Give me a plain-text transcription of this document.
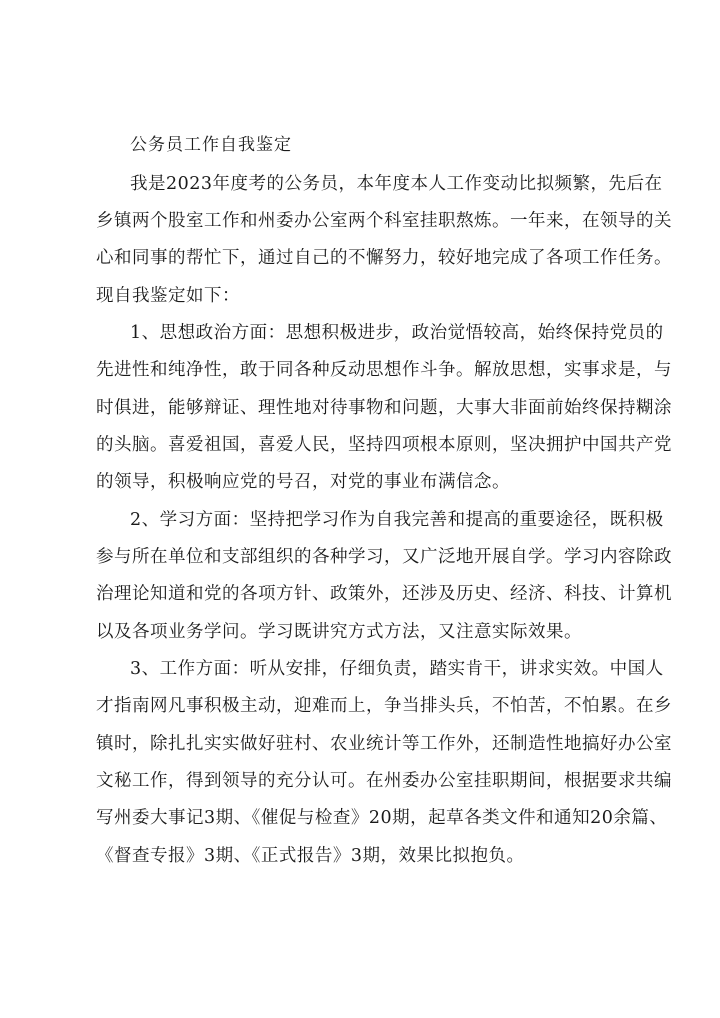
公务员工作自我鉴定
我是2023年度考的公务员，本年度本人工作变动比拟频繁，先后在
乡镇两个股室工作和州委办公室两个科室挂职熬炼。一年来，在领导的关
心和同事的帮忙下，通过自己的不懈努力，较好地完成了各项工作任务。
现自我鉴定如下：
1、思想政治方面：思想积极进步，政治觉悟较高，始终保持党员的
先进性和纯净性，敢于同各种反动思想作斗争。解放思想，实事求是，与
时俱进，能够辩证、理性地对待事物和问题，大事大非面前始终保持糊涂
的头脑。喜爱祖国，喜爱人民，坚持四项根本原则，坚决拥护中国共产党
的领导，积极响应党的号召，对党的事业布满信念。
2、学习方面：坚持把学习作为自我完善和提高的重要途径，既积极
参与所在单位和支部组织的各种学习，又广泛地开展自学。学习内容除政
治理论知道和党的各项方针、政策外，还涉及历史、经济、科技、计算机
以及各项业务学问。学习既讲究方式方法，又注意实际效果。
3、工作方面：听从安排，仔细负责，踏实肯干，讲求实效。中国人
才指南网凡事积极主动，迎难而上，争当排头兵，不怕苦，不怕累。在乡
镇时，除扎扎实实做好驻村、农业统计等工作外，还制造性地搞好办公室
文秘工作，得到领导的充分认可。在州委办公室挂职期间，根据要求共编
写州委大事记3期、《催促与检查》20期，起草各类文件和通知20余篇、
《督查专报》3期、《正式报告》3期，效果比拟抱负。
